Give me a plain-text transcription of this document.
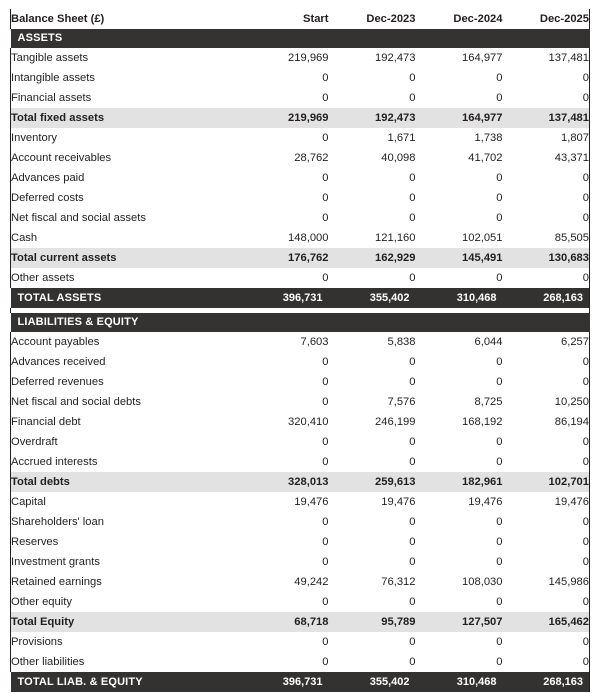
Balance Sheet (£)	Start	Dec-2023	Dec-2024	Dec-2025
ASSETS				
Tangible assets	219,969	192,473	164,977	137,481
Intangible assets	0	0	0	0
Financial assets	0	0	0	0
Total fixed assets	219,969	192,473	164,977	137,481
Inventory	0	1,671	1,738	1,807
Account receivables	28,762	40,098	41,702	43,371
Advances paid	0	0	0	0
Deferred costs	0	0	0	0
Net fiscal and social assets	0	0	0	0
Cash	148,000	121,160	102,051	85,505
Total current assets	176,762	162,929	145,491	130,683
Other assets	0	0	0	0
TOTAL ASSETS	396,731	355,402	310,468	268,163

LIABILITIES & EQUITY				
Account payables	7,603	5,838	6,044	6,257
Advances received	0	0	0	0
Deferred revenues	0	0	0	0
Net fiscal and social debts	0	7,576	8,725	10,250
Financial debt	320,410	246,199	168,192	86,194
Overdraft	0	0	0	0
Accrued interests	0	0	0	0
Total debts	328,013	259,613	182,961	102,701
Capital	19,476	19,476	19,476	19,476
Shareholders' loan	0	0	0	0
Reserves	0	0	0	0
Investment grants	0	0	0	0
Retained earnings	49,242	76,312	108,030	145,986
Other equity	0	0	0	0
Total Equity	68,718	95,789	127,507	165,462
Provisions	0	0	0	0
Other liabilities	0	0	0	0
TOTAL LIAB. & EQUITY	396,731	355,402	310,468	268,163
